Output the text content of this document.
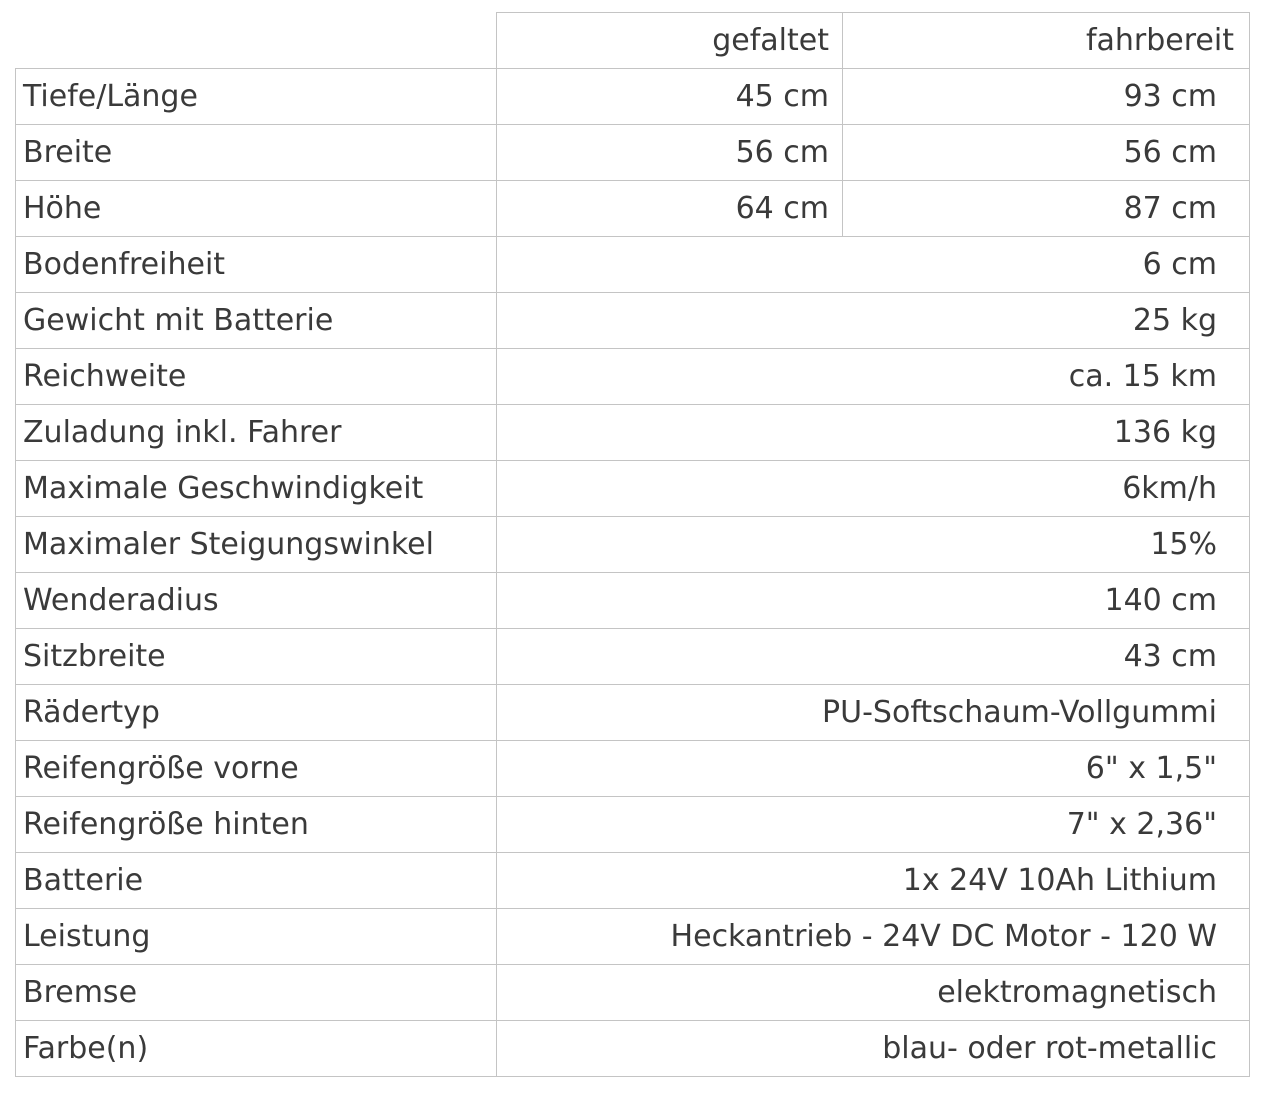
	gefaltet	fahrbereit
Tiefe/Länge	45 cm	93 cm
Breite	56 cm	56 cm
Höhe	64 cm	87 cm
Bodenfreiheit	6 cm	
Gewicht mit Batterie	25 kg	
Reichweite	ca. 15 km	
Zuladung inkl. Fahrer	136 kg	
Maximale Geschwindigkeit	6km/h	
Maximaler Steigungswinkel	15%	
Wenderadius	140 cm	
Sitzbreite	43 cm	
Rädertyp	PU-Softschaum-Vollgummi	
Reifengröße vorne	6" x 1,5"	
Reifengröße hinten	7" x 2,36"	
Batterie	1x 24V 10Ah Lithium	
Leistung	Heckantrieb - 24V DC Motor - 120 W	
Bremse	elektromagnetisch	
Farbe(n)	blau- oder rot-metallic	
